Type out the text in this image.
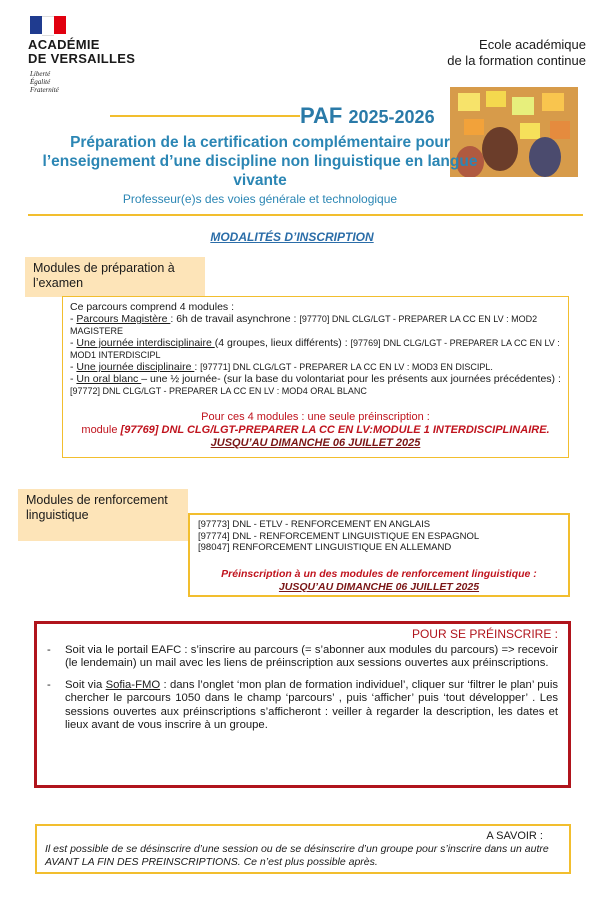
ACADÉMIE
DE VERSAILLES
Liberté
Égalité
Fraternité
Ecole académique
de la formation continue
PAF 2025-2026
Préparation de la certification complémentaire pour l’enseignement d’une discipline non linguistique en langue vivante
Professeur(e)s des voies générale et technologique
MODALITÉS D’INSCRIPTION
Modules de préparation à l’examen

Ce parcours comprend 4 modules :

- Parcours Magistère : 6h de travail asynchrone : [97770] DNL CLG/LGT - PREPARER LA CC EN LV : MOD2 MAGISTERE

- Une journée interdisciplinaire (4 groupes, lieux différents) : [97769] DNL CLG/LGT - PREPARER LA CC EN LV : MOD1 INTERDISCIPL

- Une journée disciplinaire : [97771] DNL CLG/LGT - PREPARER LA CC EN LV : MOD3 EN DISCIPL.

- Un oral blanc – une ½ journée- (sur la base du volontariat pour les présents aux journées précédentes) : [97772] DNL CLG/LGT - PREPARER LA CC EN LV : MOD4 ORAL BLANC

Pour ces 4 modules : une seule préinscription :
module [97769] DNL CLG/LGT-PREPARER LA CC EN LV:MODULE 1 INTERDISCIPLINAIRE.
JUSQU’AU DIMANCHE 06 JUILLET 2025
Modules de renforcement linguistique

[97773] DNL - ETLV - RENFORCEMENT EN ANGLAIS

[97774] DNL - RENFORCEMENT LINGUISTIQUE EN ESPAGNOL

[98047] RENFORCEMENT LINGUISTIQUE EN ALLEMAND

Préinscription à un des modules de renforcement linguistique :
JUSQU’AU DIMANCHE 06 JUILLET 2025
POUR SE PRÉINSCRIRE :
- Soit via le portail EAFC : s’inscrire au parcours (= s’abonner aux modules du parcours) => recevoir (le lendemain) un mail avec les liens de préinscription aux sessions ouvertes aux préinscriptions.
- Soit via Sofia-FMO : dans l’onglet ‘mon plan de formation individuel’, cliquer sur ‘filtrer le plan’ puis chercher le parcours 1050 dans le champ ‘parcours’ , puis ‘afficher’ puis ‘tout développer’ . Les sessions ouvertes aux préinscriptions s’afficheront : veiller à regarder la description, les dates et lieux avant de vous inscrire à un groupe.
A SAVOIR :
Il est possible de se désinscrire d’une session ou de se désinscrire d’un groupe pour s’inscrire dans un autre AVANT LA FIN DES PREINSCRIPTIONS. Ce n’est plus possible après.
